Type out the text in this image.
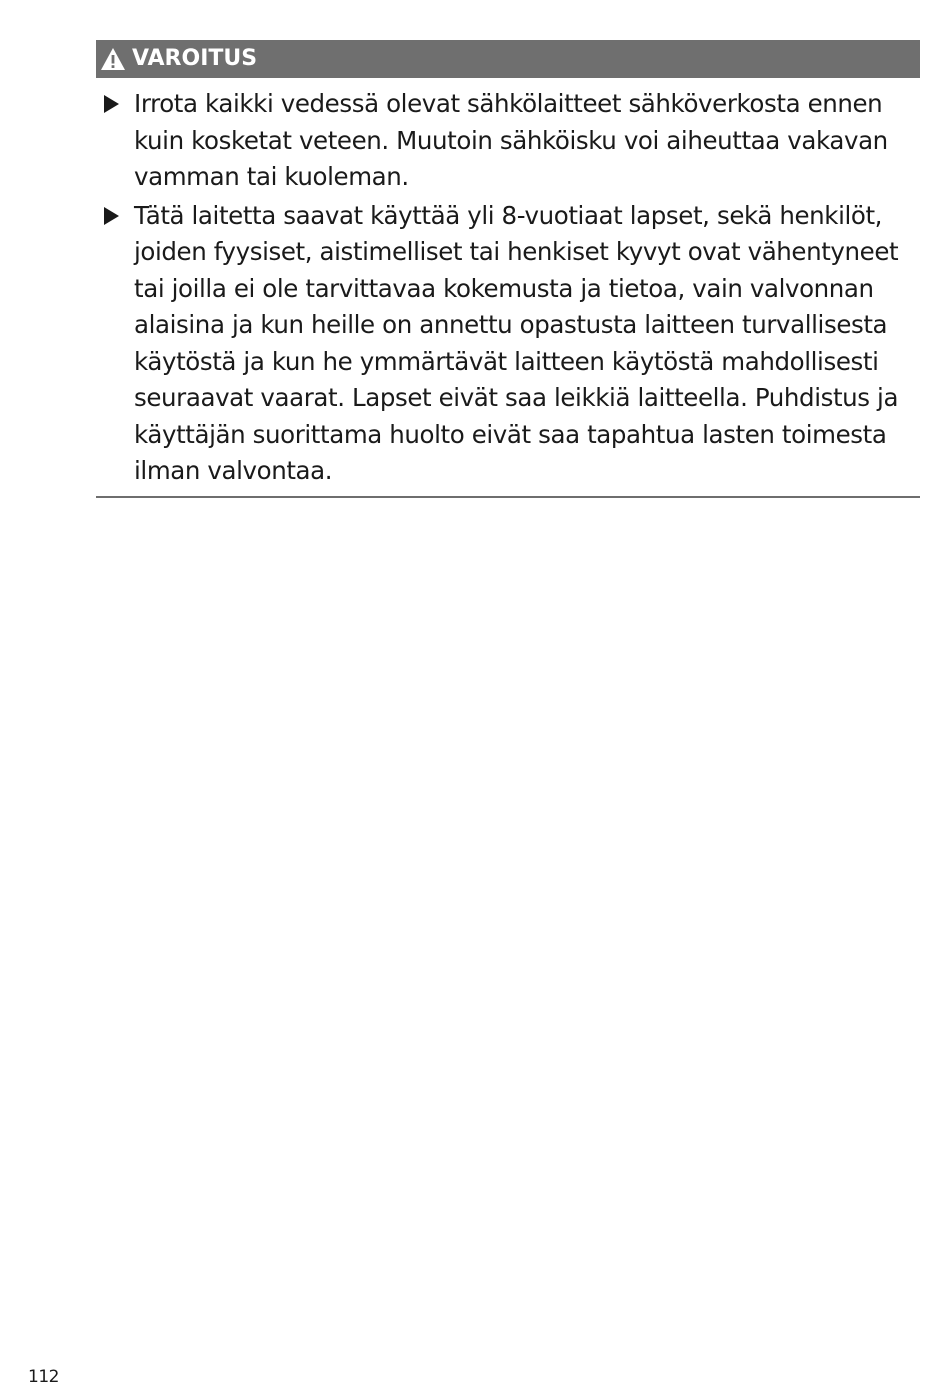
VAROITUS
Irrota kaikki vedessä olevat sähkölaitteet sähköverkosta ennen kuin kosketat veteen. Muutoin sähköisku voi aiheuttaa vakavan vamman tai kuoleman.
Tätä laitetta saavat käyttää yli 8-vuotiaat lapset, sekä henkilöt, joiden fyysiset, aistimelliset tai henkiset kyvyt ovat vähentyneet tai joilla ei ole tarvittavaa kokemusta ja tietoa, vain valvonnan alaisina ja kun heille on annettu opastusta laitteen turvallisesta käytöstä ja kun he ymmärtävät laitteen käytöstä mahdollisesti seuraavat vaarat. Lapset eivät saa leikkiä laitteella. Puhdistus ja käyttäjän suorittama huolto eivät saa tapahtua lasten toimesta ilman valvontaa.
112
